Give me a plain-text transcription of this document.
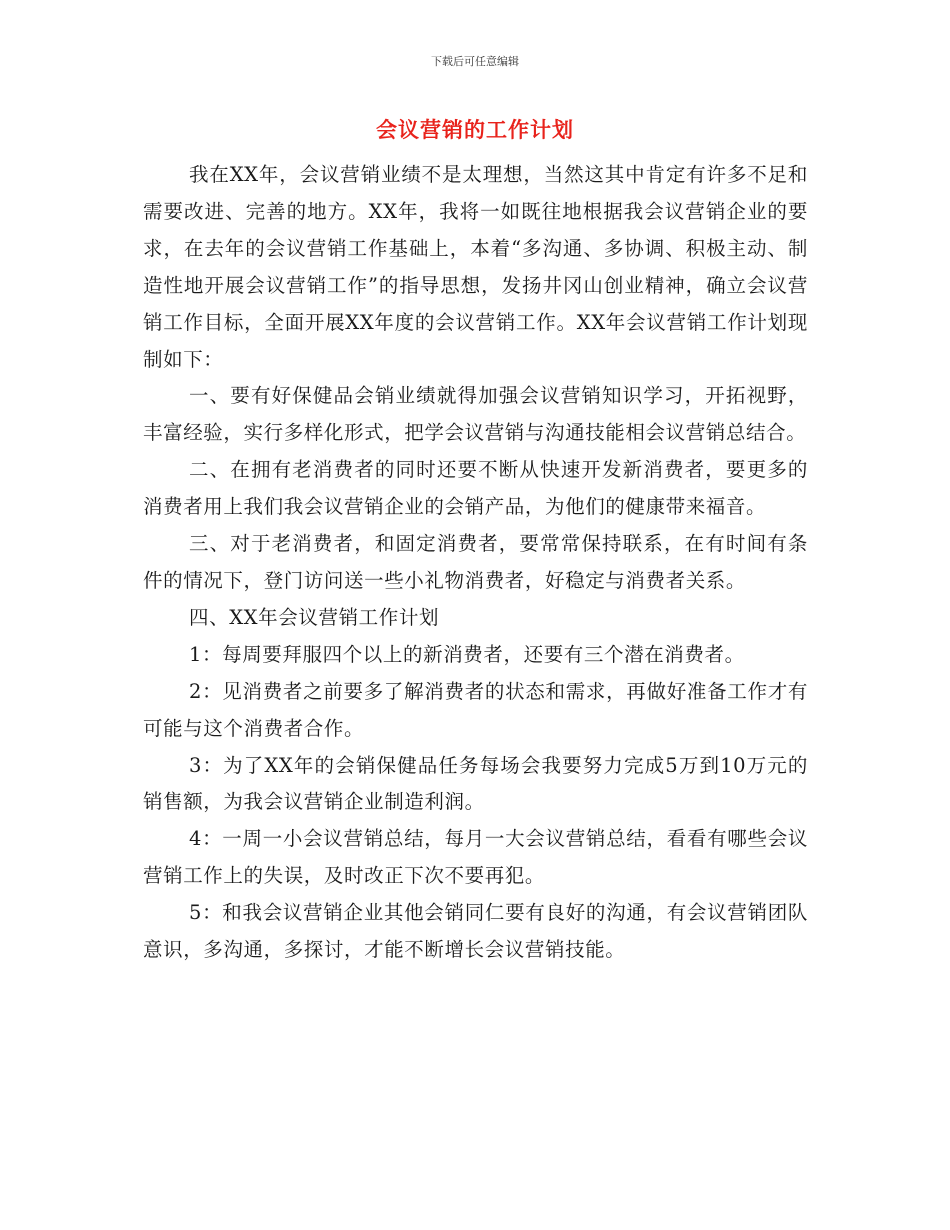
下载后可任意编辑
会议营销的工作计划

我在XX年，会议营销业绩不是太理想，当然这其中肯定有许多不足和需要改进、完善的地方。XX年，我将一如既往地根据我会议营销企业的要求，在去年的会议营销工作基础上，本着“多沟通、多协调、积极主动、制造性地开展会议营销工作”的指导思想，发扬井冈山创业精神，确立会议营销工作目标，全面开展XX年度的会议营销工作。XX年会议营销工作计划现制如下：

一、要有好保健品会销业绩就得加强会议营销知识学习，开拓视野，丰富经验，实行多样化形式，把学会议营销与沟通技能相会议营销总结合。

二、在拥有老消费者的同时还要不断从快速开发新消费者，要更多的消费者用上我们我会议营销企业的会销产品，为他们的健康带来福音。

三、对于老消费者，和固定消费者，要常常保持联系，在有时间有条件的情况下，登门访问送一些小礼物消费者，好稳定与消费者关系。

四、XX年会议营销工作计划

1：每周要拜服四个以上的新消费者，还要有三个潜在消费者。

2：见消费者之前要多了解消费者的状态和需求，再做好准备工作才有可能与这个消费者合作。

3：为了XX年的会销保健品任务每场会我要努力完成5万到10万元的销售额，为我会议营销企业制造利润。

4：一周一小会议营销总结，每月一大会议营销总结，看看有哪些会议营销工作上的失误，及时改正下次不要再犯。

5：和我会议营销企业其他会销同仁要有良好的沟通，有会议营销团队意识，多沟通，多探讨，才能不断增长会议营销技能。
